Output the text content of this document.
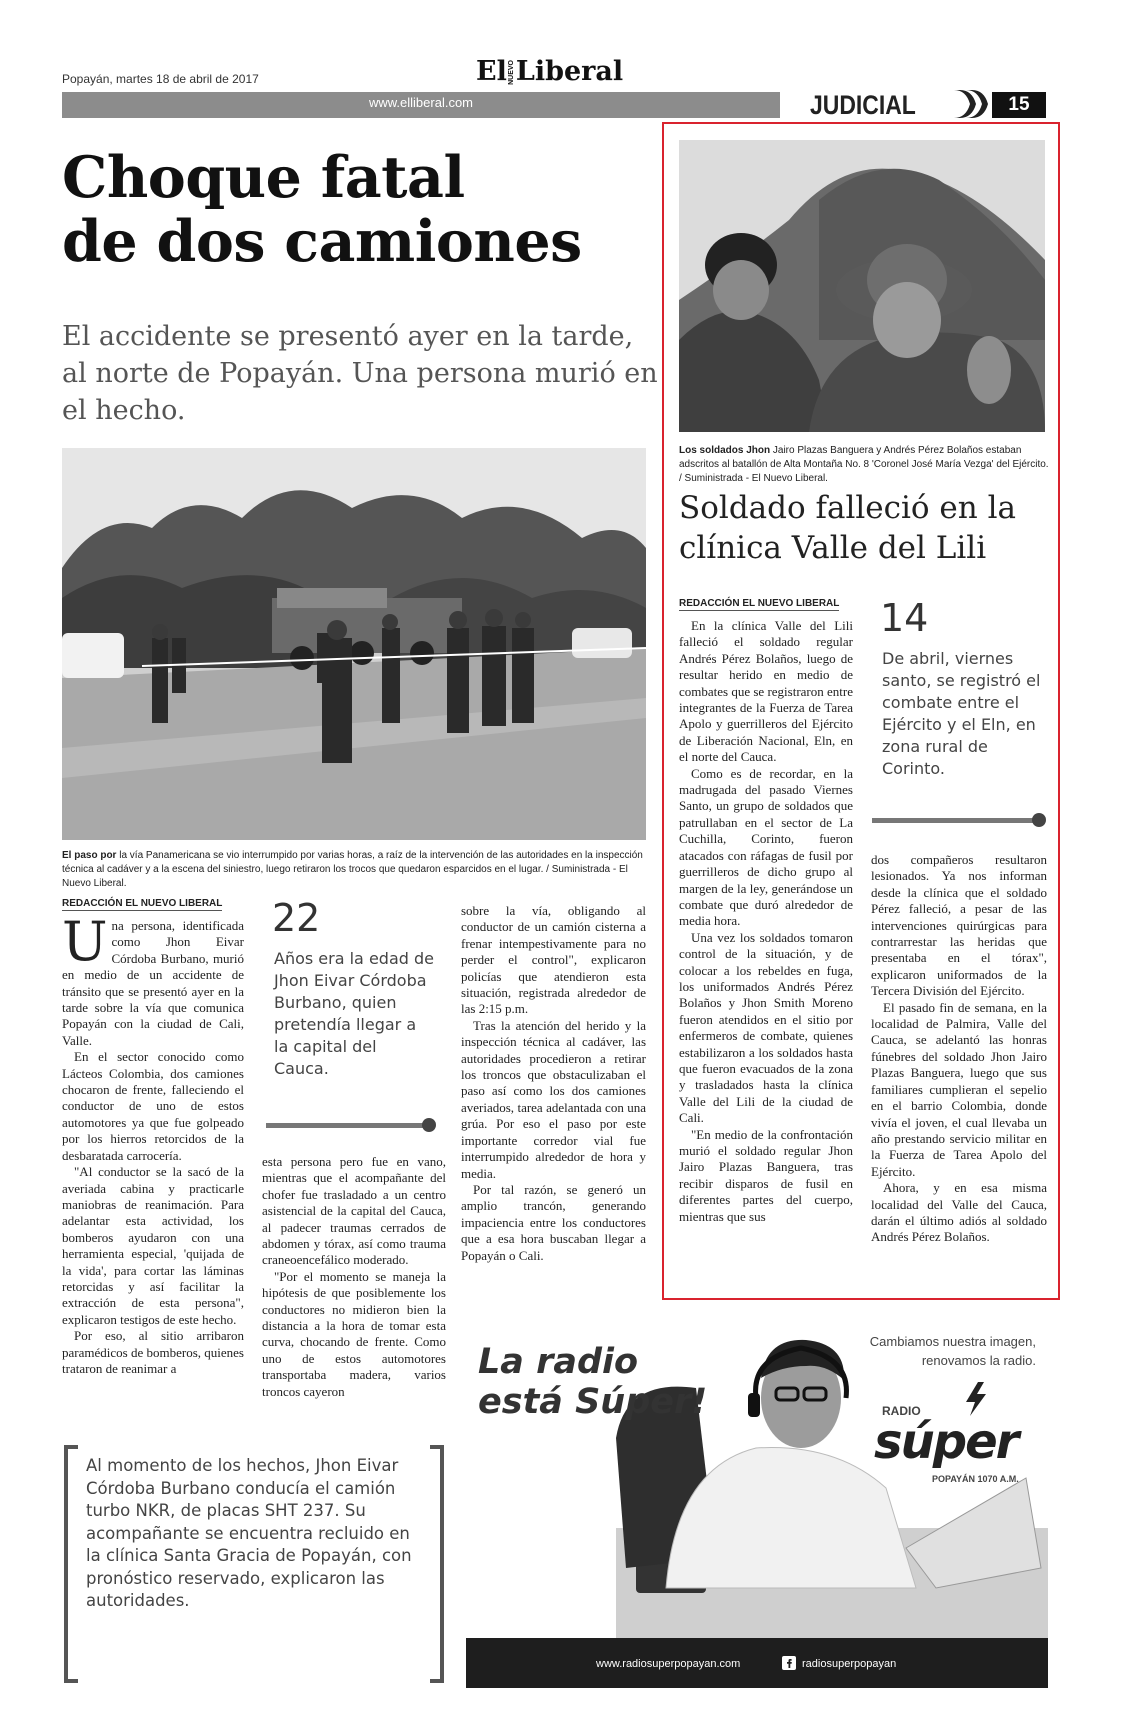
Popayán, martes 18 de abril de 2017	ElNUEVOLiberal
www.elliberal.com	JUDICIAL	15
Choque fatal
de dos camiones
El accidente se presentó ayer en la tarde, al norte de Popayán. Una persona murió en el hecho.
El paso por la vía Panamericana se vio interrumpido por varias horas, a raíz de la intervención de las autoridades en la inspección técnica al cadáver y a la escena del siniestro, luego retiraron los trocos que quedaron esparcidos en el lugar. / Suministrada - El Nuevo Liberal.
REDACCIÓN EL NUEVO LIBERAL

Una persona, identificada como Jhon Eivar Córdoba Burbano, murió en medio de un accidente de tránsito que se presentó ayer en la tarde sobre la vía que comunica Popayán con la ciudad de Cali, Valle.

En el sector conocido como Lácteos Colombia, dos camiones chocaron de frente, falleciendo el conductor de uno de estos automotores ya que fue golpeado por los hierros retorcidos de la desbaratada carrocería.

"Al conductor se la sacó de la averiada cabina y practicarle maniobras de reanimación. Para adelantar esta actividad, los bomberos ayudaron con una herramienta especial, 'quijada de la vida', para cortar las láminas retorcidas y así facilitar la extracción de esta persona", explicaron testigos de este hecho.

Por eso, al sitio arribaron paramédicos de bomberos, quienes trataron de reanimar a

22
Años era la edad de Jhon Eivar Córdoba Burbano, quien pretendía llegar a la capital del Cauca.

esta persona pero fue en vano, mientras que el acompañante del chofer fue trasladado a un centro asistencial de la capital del Cauca, al padecer traumas cerrados de abdomen y tórax, así como trauma craneoencefálico moderado.

"Por el momento se maneja la hipótesis de que posiblemente los conductores no midieron bien la distancia a la hora de tomar esta curva, chocando de frente. Como uno de estos automotores transportaba madera, varios troncos cayeron

sobre la vía, obligando al conductor de un camión cisterna a frenar intempestivamente para no perder el control", explicaron policías que atendieron esta situación, registrada alrededor de las 2:15 p.m.

Tras la atención del herido y la inspección técnica al cadáver, las autoridades procedieron a retirar los troncos que obstaculizaban el paso así como los dos camiones averiados, tarea adelantada con una grúa. Por eso el paso por este importante corredor vial fue interrumpido alrededor de hora y media.

Por tal razón, se generó un amplio trancón, generando impaciencia entre los conductores que a esa hora buscaban llegar a Popayán o Cali.

Al momento de los hechos, Jhon Eivar Córdoba Burbano conducía el camión turbo NKR, de placas SHT 237. Su acompañante se encuentra recluido en la clínica Santa Gracia de Popayán, con pronóstico reservado, explicaron las autoridades.
Los soldados Jhon Jairo Plazas Banguera y Andrés Pérez Bolaños estaban adscritos al batallón de Alta Montaña No. 8 'Coronel José María Vezga' del Ejército. / Suministrada - El Nuevo Liberal.
Soldado falleció en la clínica Valle del Lili
REDACCIÓN EL NUEVO LIBERAL 14
De abril, viernes santo, se registró el combate entre el Ejército y el Eln, en zona rural de Corinto.

En la clínica Valle del Lili falleció el soldado regular Andrés Pérez Bolaños, luego de resultar herido en medio de combates que se registraron entre integrantes de la Fuerza de Tarea Apolo y guerrilleros del Ejército de Liberación Nacional, Eln, en el norte del Cauca.

Como es de recordar, en la madrugada del pasado Viernes Santo, un grupo de soldados que patrullaban en el sector de La Cuchilla, Corinto, fueron atacados con ráfagas de fusil por guerrilleros de dicho grupo al margen de la ley, generándose un combate que duró alrededor de media hora.

Una vez los soldados tomaron control de la situación, y de colocar a los rebeldes en fuga, los uniformados Andrés Pérez Bolaños y Jhon Smith Moreno fueron atendidos en el sitio por enfermeros de combate, quienes estabilizaron a los soldados hasta que fueron evacuados de la zona y trasladados hasta la clínica Valle del Lili de la ciudad de Cali.

"En medio de la confrontación murió el soldado regular Jhon Jairo Plazas Banguera, tras recibir disparos de fusil en diferentes partes del cuerpo, mientras que sus

dos compañeros resultaron lesionados. Ya nos informan desde la clínica que el soldado Pérez falleció, a pesar de las intervenciones quirúrgicas para contrarrestar las heridas que presentaba en el tórax", explicaron uniformados de la Tercera División del Ejército.

El pasado fin de semana, en la localidad de Palmira, Valle del Cauca, se adelantó las honras fúnebres del soldado Jhon Jairo Plazas Banguera, luego que sus familiares cumplieran el sepelio en el barrio Colombia, donde vivía el joven, el cual llevaba un año prestando servicio militar en la Fuerza de Tarea Apolo del Ejército.

Ahora, y en esa misma localidad del Valle del Cauca, darán el último adiós al soldado Andrés Pérez Bolaños.

La radio
está Súper!
Cambiamos nuestra imagen,
renovamos la radio.
RADIO
súper
POPAYÁN 1070 A.M.
www.radiosuperpopayan.com	radiosuperpopayan
